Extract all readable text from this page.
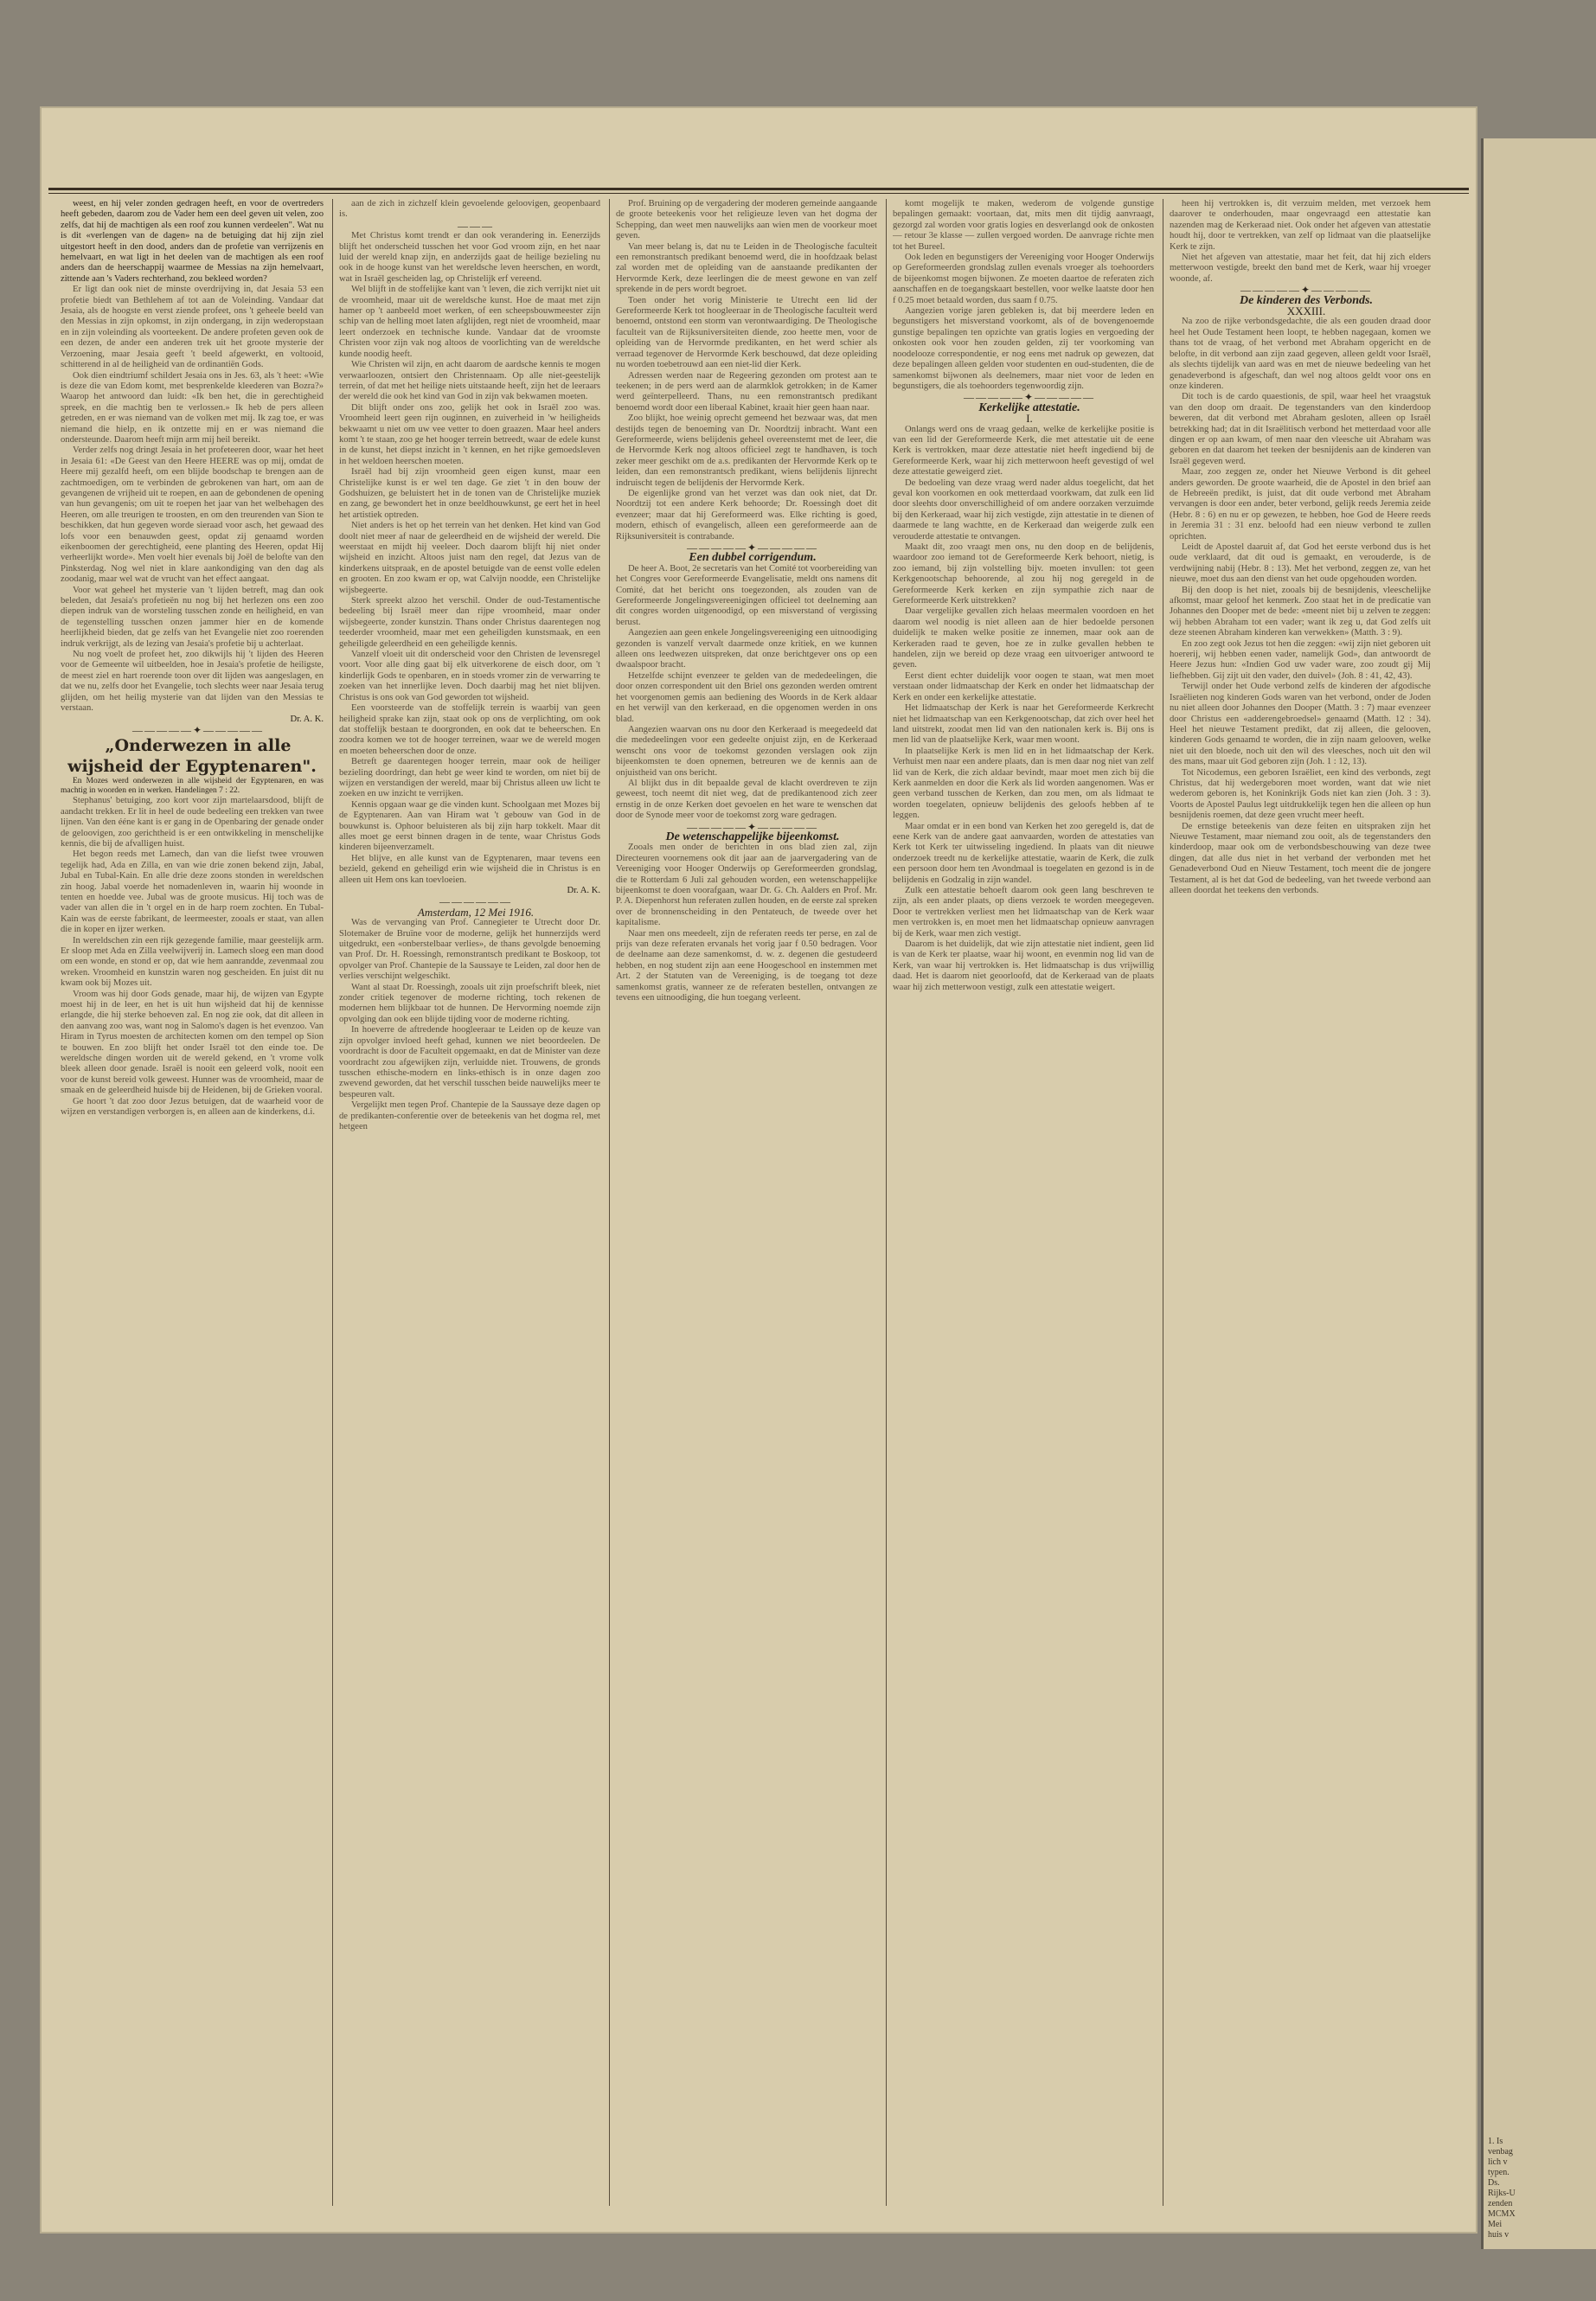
weest, en hij veler zonden gedragen heeft, en voor de overtreders heeft gebeden, daarom zou de Vader hem een deel geven uit velen, zoo zelfs, dat hij de machtigen als een roof zou kunnen verdeelen". Wat nu is dit «verlengen van de dagen» na de betuiging dat hij zijn ziel uitgestort heeft in den dood, anders dan de profetie van verrijzenis en hemelvaart, en wat ligt in het deelen van de machtigen als een roof anders dan de heerschappij waarmee de Messias na zijn hemelvaart, zittende aan 's Vaders rechterhand, zou bekleed worden?

Er ligt dan ook niet de minste overdrijving in, dat Jesaia 53 een profetie biedt van Bethlehem af tot aan de Voleinding. Vandaar dat Jesaia, als de hoogste en verst ziende profeet, ons 't geheele beeld van den Messias in zijn opkomst, in zijn ondergang, in zijn wederopstaan en in zijn voleinding als voorteekent. De andere profeten geven ook de een dezen, de ander een anderen trek uit het groote mysterie der Verzoening, maar Jesaia geeft 't beeld afgewerkt, en voltooid, schitterend in al de heiligheid van de ordinantiën Gods.

Ook dien eindtriumf schildert Jesaia ons in Jes. 63, als 't heet: «Wie is deze die van Edom komt, met besprenkelde kleederen van Bozra?» Waarop het antwoord dan luidt: «Ik ben het, die in gerechtigheid spreek, en die machtig ben te verlossen.» Ik heb de pers alleen getreden, en er was niemand van de volken met mij. Ik zag toe, er was niemand die hielp, en ik ontzette mij en er was niemand die ondersteunde. Daarom heeft mijn arm mij heil bereikt.

Verder zelfs nog dringt Jesaia in het profeteeren door, waar het heet in Jesaia 61: «De Geest van den Heere HEERE was op mij, omdat de Heere mij gezalfd heeft, om een blijde boodschap te brengen aan de zachtmoedigen, om te verbinden de gebrokenen van hart, om aan de gevangenen de vrijheid uit te roepen, en aan de gebondenen de opening van hun gevangenis; om uit te roepen het jaar van het welbehagen des Heeren, om alle treurigen te troosten, en om den treurenden van Sion te beschikken, dat hun gegeven worde sieraad voor asch, het gewaad des lofs voor een benauwden geest, opdat zij genaamd worden eikenboomen der gerechtigheid, eene planting des Heeren, opdat Hij verheerlijkt worde». Men voelt hier evenals bij Joël de belofte van den Pinksterdag. Nog wel niet in klare aankondiging van den dag als zoodanig, maar wel wat de vrucht van het effect aangaat.

Voor wat geheel het mysterie van 't lijden betreft, mag dan ook beleden, dat Jesaia's profetieën nu nog bij het herlezen ons een zoo diepen indruk van de worsteling tusschen zonde en heiligheid, en van de tegenstelling tusschen onzen jammer hier en de komende heerlijkheid bieden, dat ge zelfs van het Evangelie niet zoo roerenden indruk verkrijgt, als de lezing van Jesaia's profetie bij u achterlaat.

Nu nog voelt de profeet het, zoo dikwijls hij 't lijden des Heeren voor de Gemeente wil uitbeelden, hoe in Jesaia's profetie de heiligste, de meest ziel en hart roerende toon over dit lijden was aangeslagen, en dat we nu, zelfs door het Evangelie, toch slechts weer naar Jesaia terug glijden, om het heilig mysterie van dat lijden van den Messias te verstaan.

Dr. A. K.

—————✦—————

„Onderwezen in alle wijsheid der Egyptenaren".

En Mozes werd onderwezen in alle wijsheid der Egyptenaren, en was machtig in woorden en in werken. Handelingen 7 : 22.

Stephanus' betuiging, zoo kort voor zijn martelaarsdood, blijft de aandacht trekken. Er lit in heel de oude bedeeling een trekken van twee lijnen. Van den ééne kant is er gang in de Openbaring der genade onder de geloovigen, zoo gerichtheid is er een ontwikkeling in menschelijke kennis, die bij de afvalligen huist.

Het begon reeds met Lamech, dan van die liefst twee vrouwen tegelijk had, Ada en Zilla, en van wie drie zonen bekend zijn, Jabal, Jubal en Tubal-Kain. En alle drie deze zoons stonden in wereldschen zin hoog. Jabal voerde het nomadenleven in, waarin hij woonde in tenten en hoedde vee. Jubal was de groote musicus. Hij toch was de vader van allen die in 't orgel en in de harp roem zochten. En Tubal-Kain was de eerste fabrikant, de leermeester, zooals er staat, van allen die in koper en ijzer werken.

In wereldschen zin een rijk gezegende familie, maar geestelijk arm. Er sloop met Ada en Zilla veelwijverij in. Lamech sloeg een man dood om een wonde, en stond er op, dat wie hem aanrandde, zevenmaal zou wreken. Vroomheid en kunstzin waren nog gescheiden. En juist dit nu kwam ook bij Mozes uit.

Vroom was hij door Gods genade, maar hij, de wijzen van Egypte moest hij in de leer, en het is uit hun wijsheid dat hij de kennisse erlangde, die hij sterke behoeven zal. En nog zie ook, dat dit alleen in den aanvang zoo was, want nog in Salomo's dagen is het evenzoo. Van Hiram in Tyrus moesten de architecten komen om den tempel op Sion te bouwen. En zoo blijft het onder Israël tot den einde toe. De wereldsche dingen worden uit de wereld gekend, en 't vrome volk bleek alleen door genade. Israël is nooit een geleerd volk, nooit een voor de kunst bereid volk geweest. Hunner was de vroomheid, maar de smaak en de geleerdheid huisde bij de Heidenen, bij de Grieken vooral.

Ge hoort 't dat zoo door Jezus betuigen, dat de waarheid voor de wijzen en verstandigen verborgen is, en alleen aan de kinderkens, d.i.

aan de zich in zichzelf klein gevoelende geloovigen, geopenbaard is.

———

Met Christus komt trendt er dan ook verandering in. Eenerzijds blijft het onderscheid tusschen het voor God vroom zijn, en het naar luid der wereld knap zijn, en anderzijds gaat de heilige bezieling nu ook in de hooge kunst van het wereldsche leven heerschen, en wordt, wat in Israël gescheiden lag, op Christelijk erf vereend.

Wel blijft in de stoffelijke kant van 't leven, die zich verrijkt niet uit de vroomheid, maar uit de wereldsche kunst. Hoe de maat met zijn hamer op 't aanbeeld moet werken, of een scheepsbouwmeester zijn schip van de helling moet laten afglijden, regt niet de vroomheid, maar leert onderzoek en technische kunde. Vandaar dat de vroomste Christen voor zijn vak nog altoos de voorlichting van de wereldsche kunde noodig heeft.

Wie Christen wil zijn, en acht daarom de aardsche kennis te mogen verwaarloozen, ontsiert den Christennaam. Op alle niet-geestelijk terrein, of dat met het heilige niets uitstaande heeft, zijn het de leeraars der wereld die ook het kind van God in zijn vak bekwamen moeten.

Dit blijft onder ons zoo, gelijk het ook in Israël zoo was. Vroomheid leert geen rijn ouginnen, en zuiverheid in 'w heiligheids bekwaamt u niet om uw vee vetter to doen graazen. Maar heel anders komt 't te staan, zoo ge het hooger terrein betreedt, waar de edele kunst in de kunst, het diepst inzicht in 't kennen, en het rijke gemoedsleven in het weldoen heerschen moeten.

Israël had bij zijn vroomheid geen eigen kunst, maar een Christelijke kunst is er wel ten dage. Ge ziet 't in den bouw der Godshuizen, ge beluistert het in de tonen van de Christelijke muziek en zang, ge bewondert het in onze beeldhouwkunst, ge eert het in heel het artistiek optreden.

Niet anders is het op het terrein van het denken. Het kind van God doolt niet meer af naar de geleerdheid en de wijsheid der wereld. Die weerstaat en mijdt hij veeleer. Doch daarom blijft hij niet onder wijsheid en inzicht. Altoos juist nam den regel, dat Jezus van de kinderkens uitspraak, en de apostel betuigde van de eenst volle edelen en grooten. En zoo kwam er op, wat Calvijn noodde, een Christelijke wijsbegeerte.

Sterk spreekt alzoo het verschil. Onder de oud-Testamentische bedeeling bij Israël meer dan rijpe vroomheid, maar onder wijsbegeerte, zonder kunstzin. Thans onder Christus daarentegen nog teederder vroomheid, maar met een geheiligden kunstsmaak, en een geheiligde geleerdheid en een geheiligde kennis.

Vanzelf vloeit uit dit onderscheid voor den Christen de levensregel voort. Voor alle ding gaat bij elk uitverkorene de eisch door, om 't kinderlijk Gods te openbaren, en in stoeds vromer zin de verwarring te zoeken van het innerlijke leven. Doch daarbij mag het niet blijven. Christus is ons ook van God geworden tot wijsheid.

Een voorsteerde van de stoffelijk terrein is waarbij van geen heiligheid sprake kan zijn, staat ook op ons de verplichting, om ook dat stoffelijk bestaan te doorgronden, en ook dat te beheerschen. En zoodra komen we tot de hooger terreinen, waar we de wereld mogen en moeten beheerschen door de onze.

Betreft ge daarentegen hooger terrein, maar ook de heiliger bezieling doordringt, dan hebt ge weer kind te worden, om niet bij de wijzen en verstandigen der wereld, maar bij Christus alleen uw licht te zoeken en uw inzicht te verrijken.

Kennis opgaan waar ge die vinden kunt. Schoolgaan met Mozes bij de Egyptenaren. Aan van Hiram wat 't gebouw van God in de bouwkunst is. Ophoor beluisteren als bij zijn harp tokkelt. Maar dit alles moet ge eerst binnen dragen in de tente, waar Christus Gods kinderen bijeenverzamelt.

Het blijve, en alle kunst van de Egyptenaren, maar tevens een bezield, gekend en geheiligd erin wie wijsheid die in Christus is en alleen uit Hem ons kan toevloeien.

Dr. A. K.

——————

Amsterdam, 12 Mei 1916.

Was de vervanging van Prof. Cannegieter te Utrecht door Dr. Slotemaker de Bruïne voor de moderne, gelijk het hunnerzijds werd uitgedrukt, een «onberstelbaar verlies», de thans gevolgde benoeming van Prof. Dr. H. Roessingh, remonstrantsch predikant te Boskoop, tot opvolger van Prof. Chantepie de la Saussaye te Leiden, zal door hen de verlies verschijnt welgeschikt.

Want al staat Dr. Roessingh, zooals uit zijn proefschrift bleek, niet zonder critiek tegenover de moderne richting, toch rekenen de modernen hem blijkbaar tot de hunnen. De Hervorming noemde zijn opvolging dan ook een blijde tijding voor de moderne richting.

In hoeverre de aftredende hoogleeraar te Leiden op de keuze van zijn opvolger invloed heeft gehad, kunnen we niet beoordeelen. De voordracht is door de Faculteit opgemaakt, en dat de Minister van deze voordracht zou afgewijken zijn, verluidde niet. Trouwens, de gronds tusschen ethische-modern en links-ethisch is in onze dagen zoo zwevend geworden, dat het verschil tusschen beide nauwelijks meer te bespeuren valt.

Vergelijkt men tegen Prof. Chantepie de la Saussaye deze dagen op de predikanten-conferentie over de beteekenis van het dogma rel, met hetgeen

Prof. Bruining op de vergadering der moderen gemeinde aangaande de groote beteekenis voor het religieuze leven van het dogma der Schepping, dan weet men nauwelijks aan wien men de voorkeur moet geven.

Van meer belang is, dat nu te Leiden in de Theologische faculteit een remonstrantsch predikant benoemd werd, die in hoofdzaak belast zal worden met de opleiding van de aanstaande predikanten der Hervormde Kerk, deze leerlingen die de meest gewone en van zelf sprekende in de pers wordt begroet.

Toen onder het vorig Ministerie te Utrecht een lid der Gereformeerde Kerk tot hoogleeraar in de Theologische faculteit werd benoemd, ontstond een storm van verontwaardiging. De Theologische faculteit van de Rijksuniversiteiten diende, zoo heette men, voor de opleiding van de Hervormde predikanten, en het werd schier als verraad tegenover de Hervormde Kerk beschouwd, dat deze opleiding nu worden toebetrouwd aan een niet-lid dier Kerk.

Adressen werden naar de Regeering gezonden om protest aan te teekenen; in de pers werd aan de alarmklok getrokken; in de Kamer werd geïnterpelleerd. Thans, nu een remonstrantsch predikant benoemd wordt door een liberaal Kabinet, kraait hier geen haan naar.

Zoo blijkt, hoe weinig oprecht gemeend het bezwaar was, dat men destijds tegen de benoeming van Dr. Noordtzij inbracht. Want een Gereformeerde, wiens belijdenis geheel overeenstemt met de leer, die de Hervormde Kerk nog altoos officieel zegt te handhaven, is toch zeker meer geschikt om de a.s. predikanten der Hervormde Kerk op te leiden, dan een remonstrantsch predikant, wiens belijdenis lijnrecht indruischt tegen de belijdenis der Hervormde Kerk.

De eigenlijke grond van het verzet was dan ook niet, dat Dr. Noordtzij tot een andere Kerk behoorde; Dr. Roessingh doet dit evenzeer; maar dat hij Gereformeerd was. Elke richting is goed, modern, ethisch of evangelisch, alleen een gereformeerde aan de Rijksuniversiteit is contrabande.

—————✦—————

Een dubbel corrigendum.

De heer A. Boot, 2e secretaris van het Comité tot voorbereiding van het Congres voor Gereformeerde Evangelisatie, meldt ons namens dit Comité, dat het bericht ons toegezonden, als zouden van de Gereformeerde Jongelingsvereenigingen officieel tot deelneming aan dit congres worden uitgenoodigd, op een misverstand of vergissing berust.

Aangezien aan geen enkele Jongelingsvereeniging een uitnoodiging gezonden is vanzelf vervalt daarmede onze kritiek, en we kunnen alleen ons leedwezen uitspreken, dat onze berichtgever ons op een dwaalspoor bracht.

Hetzelfde schijnt evenzeer te gelden van de mededeelingen, die door onzen correspondent uit den Briel ons gezonden werden omtrent het voorgenomen gemis aan bediening des Woords in de Kerk aldaar en het verwijl van den kerkeraad, en die opgenomen werden in ons blad.

Aangezien waarvan ons nu door den Kerkeraad is meegedeeld dat die mededeelingen voor een gedeelte onjuist zijn, en de Kerkeraad wenscht ons voor de toekomst gezonden verslagen ook zijn bijeenkomsten te doen opnemen, betreuren we de kennis aan de onjuistheid van ons bericht.

Al blijkt dus in dit bepaalde geval de klacht overdreven te zijn geweest, toch neemt dit niet weg, dat de predikantenood zich zeer ernstig in de onze Kerken doet gevoelen en het ware te wenschen dat door de Synode meer voor de toekomst zorg ware gedragen.

—————✦—————

De wetenschappelijke bijeenkomst.

Zooals men onder de berichten in ons blad zien zal, zijn Directeuren voornemens ook dit jaar aan de jaarvergadering van de Vereeniging voor Hooger Onderwijs op Gereformeerden grondslag, die te Rotterdam 6 Juli zal gehouden worden, een wetenschappelijke bijeenkomst te doen voorafgaan, waar Dr. G. Ch. Aalders en Prof. Mr. P. A. Diepenhorst hun referaten zullen houden, en de eerste zal spreken over de bronnenscheiding in den Pentateuch, de tweede over het kapitalisme.

Naar men ons meedeelt, zijn de referaten reeds ter perse, en zal de prijs van deze referaten ervanals het vorig jaar f 0.50 bedragen. Voor de deelname aan deze samenkomst, d. w. z. degenen die gestudeerd hebben, en nog student zijn aan eene Hoogeschool en instemmen met Art. 2 der Statuten van de Vereeniging, is de toegang tot deze samenkomst gratis, wanneer ze de referaten bestellen, ontvangen ze tevens een uitnoodiging, die hun toegang verleent.

komt mogelijk te maken, wederom de volgende gunstige bepalingen gemaakt: voortaan, dat, mits men dit tijdig aanvraagt, gezorgd zal worden voor gratis logies en desverlangd ook de onkosten — retour 3e klasse — zullen vergoed worden. De aanvrage richte men tot het Bureel.

Ook leden en begunstigers der Vereeniging voor Hooger Onderwijs op Gereformeerden grondslag zullen evenals vroeger als toehoorders de bijeenkomst mogen bijwonen. Ze moeten daartoe de referaten zich aanschaffen en de toegangskaart bestellen, voor welke laatste door hen f 0.25 moet betaald worden, dus saam f 0.75.

Aangezien vorige jaren gebleken is, dat bij meerdere leden en begunstigers het misverstand voorkomt, als of de bovengenoemde gunstige bepalingen ten opzichte van gratis logies en vergoeding der onkosten ook voor hen zouden gelden, zij ter voorkoming van noodelooze correspondentie, er nog eens met nadruk op gewezen, dat deze bepalingen alleen gelden voor studenten en oud-studenten, die de samenkomst bijwonen als deelnemers, maar niet voor de leden en begunstigers, die als toehoorders tegenwoordig zijn.

—————✦—————

Kerkelijke attestatie.

I.

Onlangs werd ons de vraag gedaan, welke de kerkelijke positie is van een lid der Gereformeerde Kerk, die met attestatie uit de eene Kerk is vertrokken, maar deze attestatie niet heeft ingediend bij de Gereformeerde Kerk, waar hij zich metterwoon heeft gevestigd of wel deze attestatie geweigerd ziet.

De bedoeling van deze vraag werd nader aldus toegelicht, dat het geval kon voorkomen en ook metterdaad voorkwam, dat zulk een lid door sleehts door onverschilligheid of om andere oorzaken verzuimde bij den Kerkeraad, waar hij zich vestigde, zijn attestatie in te dienen of daarmede te lang wachtte, en de Kerkeraad dan weigerde zulk een verouderde attestatie te ontvangen.

Maakt dit, zoo vraagt men ons, nu den doop en de belijdenis, waardoor zoo iemand tot de Gereformeerde Kerk behoort, nietig, is zoo iemand, bij zijn volstelling bijv. moeten invullen: tot geen Kerkgenootschap behoorende, al zou hij nog geregeld in de Gereformeerde Kerk kerken en zijn sympathie zich naar de Gereformeerde Kerk uitstrekken?

Daar vergelijke gevallen zich helaas meermalen voordoen en het daarom wel noodig is niet alleen aan de hier bedoelde personen duidelijk te maken welke positie ze innemen, maar ook aan de Kerkeraden raad te geven, hoe ze in zulke gevallen hebben te handelen, zijn we bereid op deze vraag een uitvoeriger antwoord te geven.

Eerst dient echter duidelijk voor oogen te staan, wat men moet verstaan onder lidmaatschap der Kerk en onder het lidmaatschap der Kerk en onder een kerkelijke attestatie.

Het lidmaatschap der Kerk is naar het Gereformeerde Kerkrecht niet het lidmaatschap van een Kerkgenootschap, dat zich over heel het land uitstrekt, zoodat men lid van den nationalen kerk is. Bij ons is men lid van de plaatselijke Kerk, waar men woont.

In plaatselijke Kerk is men lid en in het lidmaatschap der Kerk. Verhuist men naar een andere plaats, dan is men daar nog niet van zelf lid van de Kerk, die zich aldaar bevindt, maar moet men zich bij die Kerk aanmelden en door die Kerk als lid worden aangenomen. Was er geen verband tusschen de Kerken, dan zou men, om als lidmaat te worden toegelaten, opnieuw belijdenis des geloofs hebben af te leggen.

Maar omdat er in een bond van Kerken het zoo geregeld is, dat de eene Kerk van de andere gaat aanvaarden, worden de attestaties van Kerk tot Kerk ter uitwisseling ingediend. In plaats van dit nieuwe onderzoek treedt nu de kerkelijke attestatie, waarin de Kerk, die zulk een persoon door hem ten Avondmaal is toegelaten en gezond is in de belijdenis en Godzalig in zijn wandel.

Zulk een attestatie behoeft daarom ook geen lang beschreven te zijn, als een ander plaats, op diens verzoek te worden meegegeven. Door te vertrekken verliest men het lidmaatschap van de Kerk waar men vertrokken is, en moet men het lidmaatschap opnieuw aanvragen bij de Kerk, waar men zich vestigt.

Daarom is het duidelijk, dat wie zijn attestatie niet indient, geen lid is van de Kerk ter plaatse, waar hij woont, en evenmin nog lid van de Kerk, van waar hij vertrokken is. Het lidmaatschap is dus vrijwillig daad. Het is daarom niet geoorloofd, dat de Kerkeraad van de plaats waar hij zich metterwoon vestigt, zulk een attestatie weigert.

heen hij vertrokken is, dit verzuim melden, met verzoek hem daarover te onderhouden, maar ongevraagd een attestatie kan nazenden mag de Kerkeraad niet. Ook onder het afgeven van attestatie houdt hij, door te vertrekken, van zelf op lidmaat van die plaatselijke Kerk te zijn.

Niet het afgeven van attestatie, maar het feit, dat hij zich elders metterwoon vestigde, breekt den band met de Kerk, waar hij vroeger woonde, af.

—————✦—————

De kinderen des Verbonds.

XXXIII.

Na zoo de rijke verbondsgedachte, die als een gouden draad door heel het Oude Testament heen loopt, te hebben nagegaan, komen we thans tot de vraag, of het verbond met Abraham opgericht en de belofte, in dit verbond aan zijn zaad gegeven, alleen geldt voor Israël, als slechts tijdelijk van aard was en met de nieuwe bedeeling van het genadeverbond is afgeschaft, dan wel nog altoos geldt voor ons en onze kinderen.

Dit toch is de cardo quaestionis, de spil, waar heel het vraagstuk van den doop om draait. De tegenstanders van den kinderdoop beweren, dat dit verbond met Abraham gesloten, alleen op Israël betrekking had; dat in dit Israëlitisch verbond het metterdaad voor alle dingen er op aan kwam, of men naar den vleesche uit Abraham was geboren en dat daarom het teeken der besnijdenis aan de kinderen van Israël gegeven werd.

Maar, zoo zeggen ze, onder het Nieuwe Verbond is dit geheel anders geworden. De groote waarheid, die de Apostel in den brief aan de Hebreeën predikt, is juist, dat dit oude verbond met Abraham vervangen is door een ander, beter verbond, gelijk reeds Jeremia zeide (Hebr. 8 : 6) en nu er op gewezen, te hebben, hoe God de Heere reeds in Jeremia 31 : 31 enz. beloofd had een nieuw verbond te zullen oprichten.

Leidt de Apostel daaruit af, dat God het eerste verbond dus is het oude verklaard, dat dit oud is gemaakt, en verouderde, is de verdwijning nabij (Hebr. 8 : 13). Met het verbond, zeggen ze, van het nieuwe, moet dus aan den dienst van het oude opgehouden worden.

Bij den doop is het niet, zooals bij de besnijdenis, vleeschelijke afkomst, maar geloof het kenmerk. Zoo staat het in de predicatie van Johannes den Dooper met de bede: «meent niet bij u zelven te zeggen: wij hebben Abraham tot een vader; want ik zeg u, dat God zelfs uit deze steenen Abraham kinderen kan verwekken» (Matth. 3 : 9).

En zoo zegt ook Jezus tot hen die zeggen: «wij zijn niet geboren uit hoererij, wij hebben eenen vader, namelijk God», dan antwoordt de Heere Jezus hun: «Indien God uw vader ware, zoo zoudt gij Mij liefhebben. Gij zijt uit den vader, den duivel» (Joh. 8 : 41, 42, 43).

Terwijl onder het Oude verbond zelfs de kinderen der afgodische Israëlieten nog kinderen Gods waren van het verbond, onder de Joden nu niet alleen door Johannes den Dooper (Matth. 3 : 7) maar evenzeer door Christus een «adderengebroedsel» genaamd (Matth. 12 : 34). Heel het nieuwe Testament predikt, dat zij alleen, die gelooven, kinderen Gods genaamd te worden, die in zijn naam gelooven, welke niet uit den bloede, noch uit den wil des vleesches, noch uit den wil des mans, maar uit God geboren zijn (Joh. 1 : 12, 13).

Tot Nicodemus, een geboren Israëliet, een kind des verbonds, zegt Christus, dat hij wedergeboren moet worden, want dat wie niet wederom geboren is, het Koninkrijk Gods niet kan zien (Joh. 3 : 3). Voorts de Apostel Paulus legt uitdrukkelijk tegen hen die alleen op hun besnijdenis roemen, dat deze geen vrucht meer heeft.

De ernstige beteekenis van deze feiten en uitspraken zijn het Nieuwe Testament, maar niemand zou ooit, als de tegenstanders den kinderdoop, maar ook om de verbondsbeschouwing van deze twee dingen, dat alle dus niet in het verband der verbonden met het Genadeverbond Oud en Nieuw Testament, toch meent die de jongere Testament, al is het dat God de bedeeling, van het tweede verbond aan alleen doordat het teekens den verbonds.

1. Is
venbag
lich v
typen.
Ds.
Rijks-U
zenden
MCMX
Mei
huis v
